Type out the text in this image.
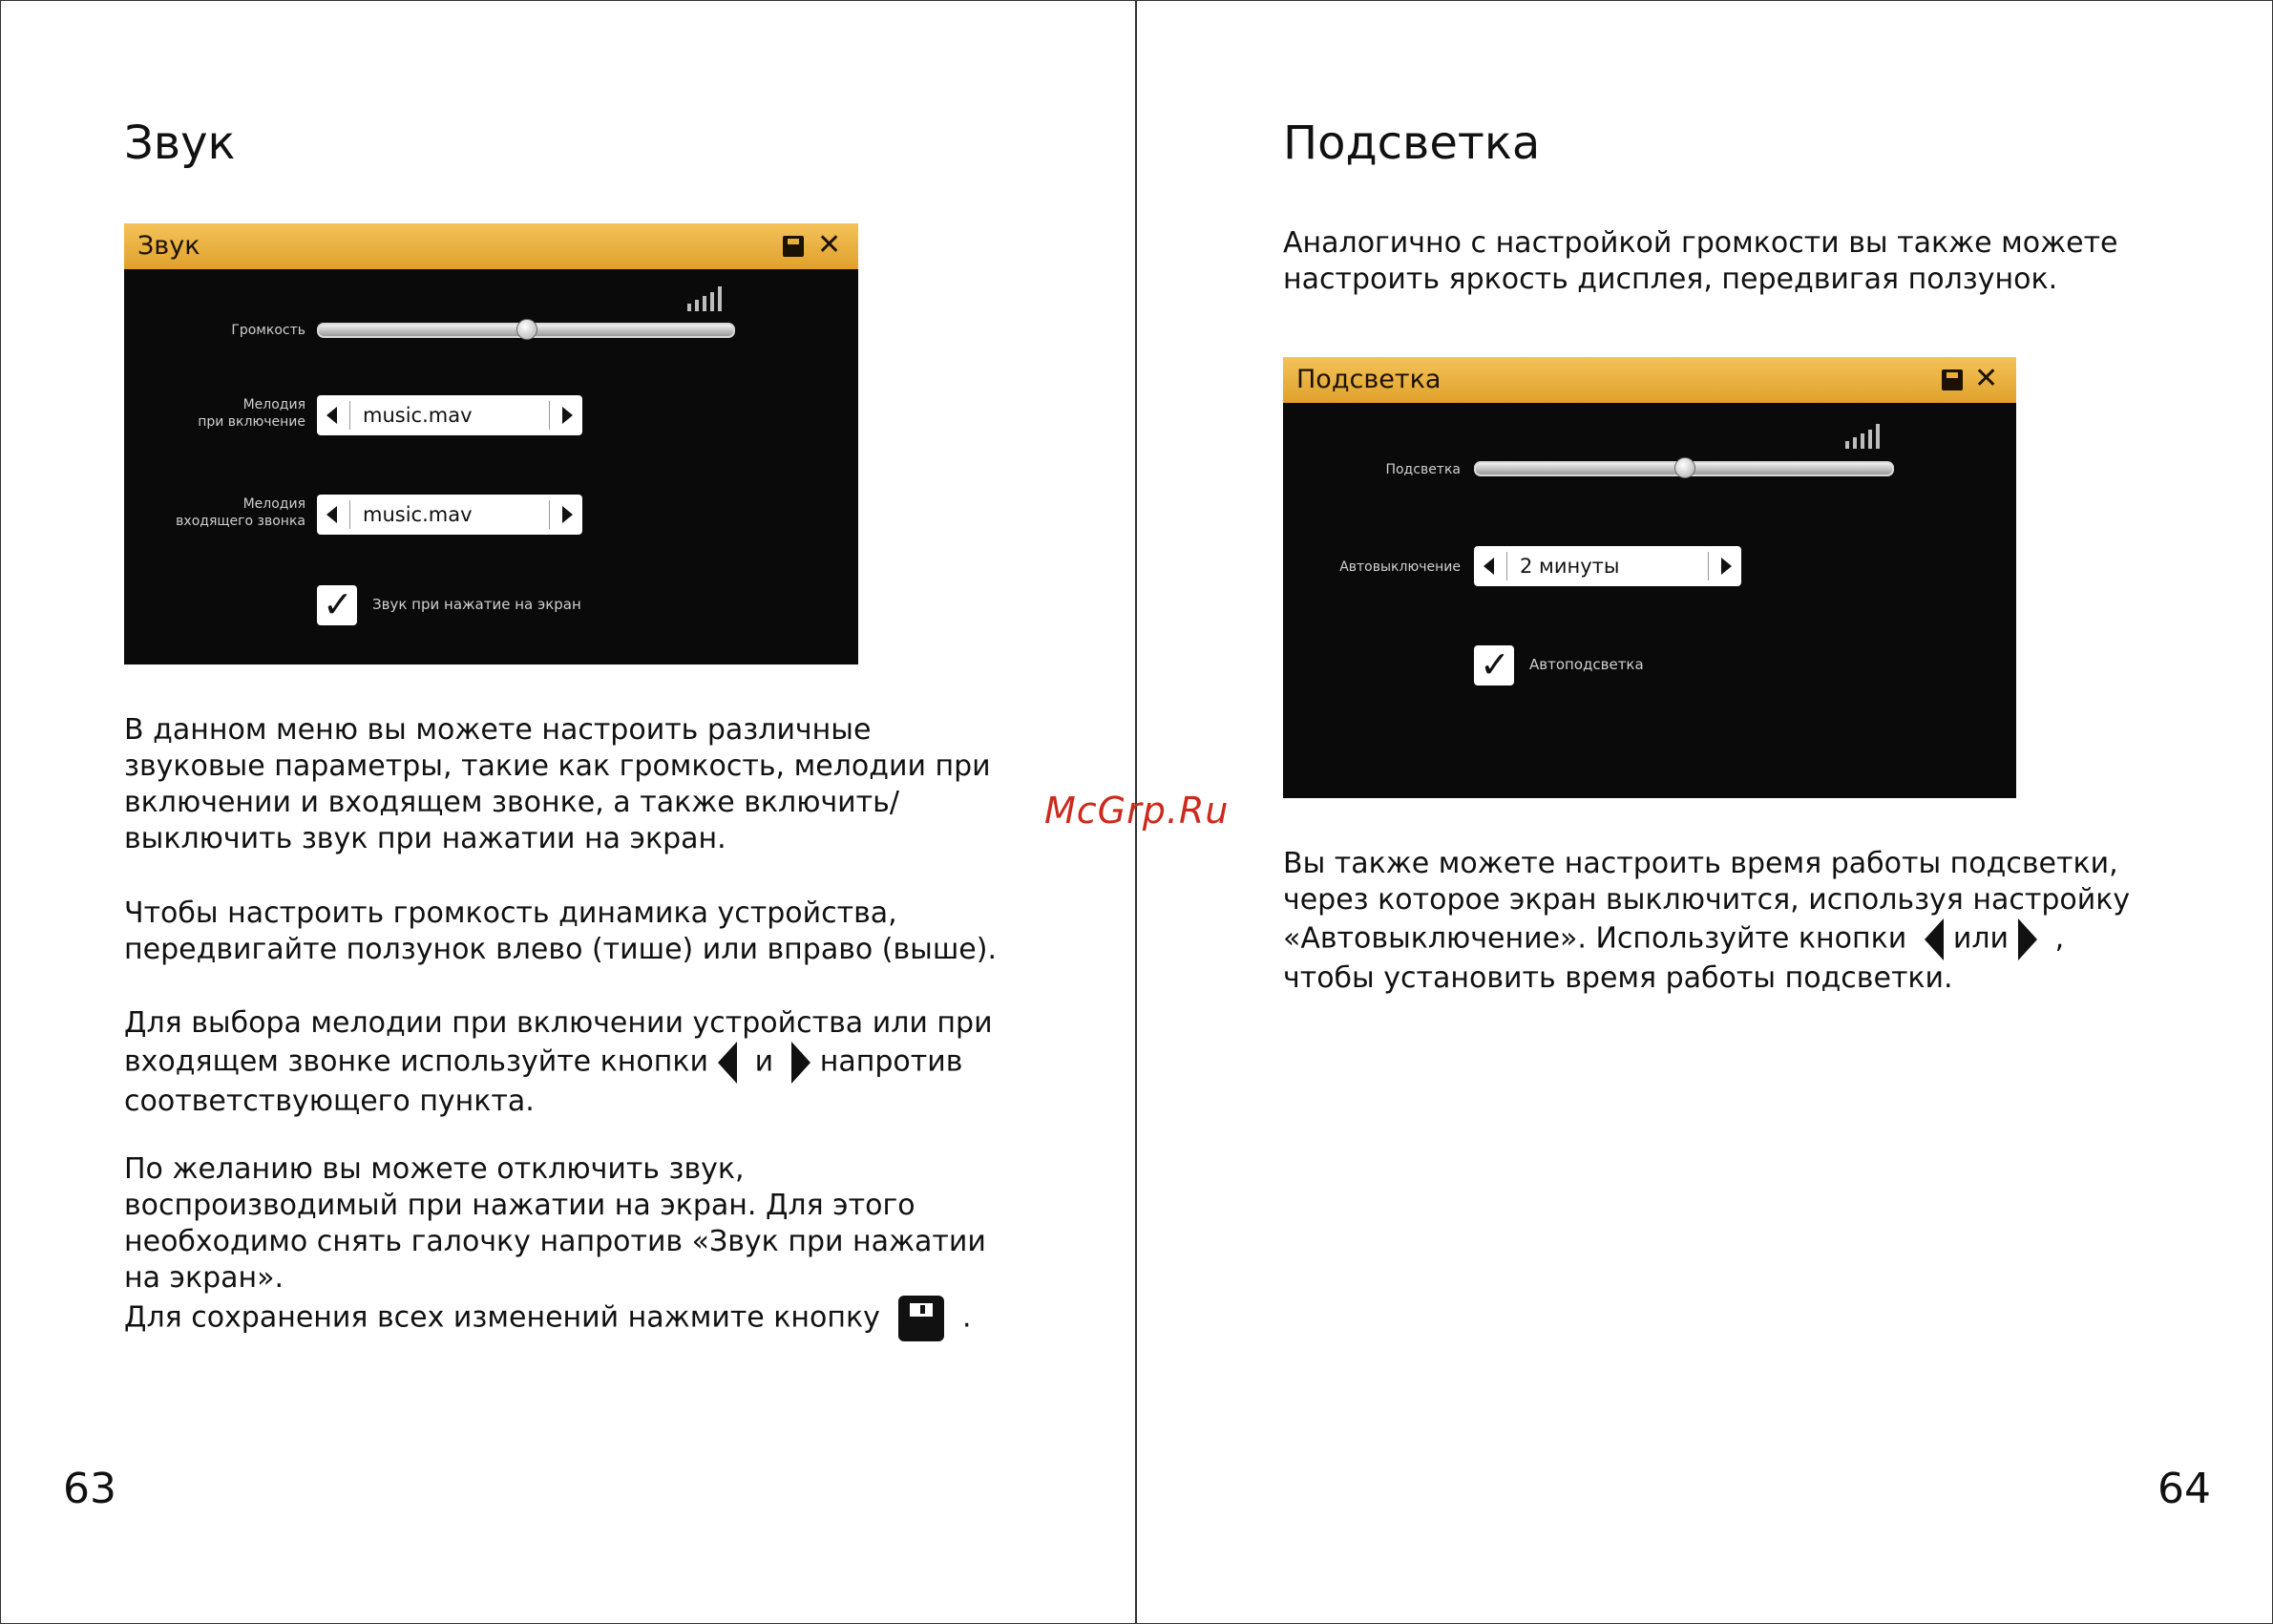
Звук
Звук	✕
Громкость
Мелодия
при включение	music.mav
Мелодия
входящего звонка	music.mav
✓ Звук при нажатие на экран

В данном меню вы можете настроить различные звуковые параметры, такие как громкость, мелодии при включении и входящем звонке, а также включить/выключить звук при нажатии на экран.

Чтобы настроить громкость динамика устройства, передвигайте ползунок влево (тише) или вправо (выше).

Для выбора мелодии при включении устройства или при входящем звонке используйте кнопки и напротив соответствующего пункта.

По желанию вы можете отключить звук, воспроизводимый при нажатии на экран. Для этого необходимо снять галочку напротив «Звук при нажатии на экран».

Для сохранения всех изменений нажмите кнопку	.

63
Подсветка

Аналогично с настройкой громкости вы также можете настроить яркость дисплея, передвигая ползунок.

Подсветка	✕
Подсветка
Автовыключение	2 минуты
✓ Автоподсветка

Вы также можете настроить время работы подсветки, через которое экран выключится, используя настройку «Автовыключение». Используйте кнопки или , чтобы установить время работы подсветки.

64
McGrp.Ru
